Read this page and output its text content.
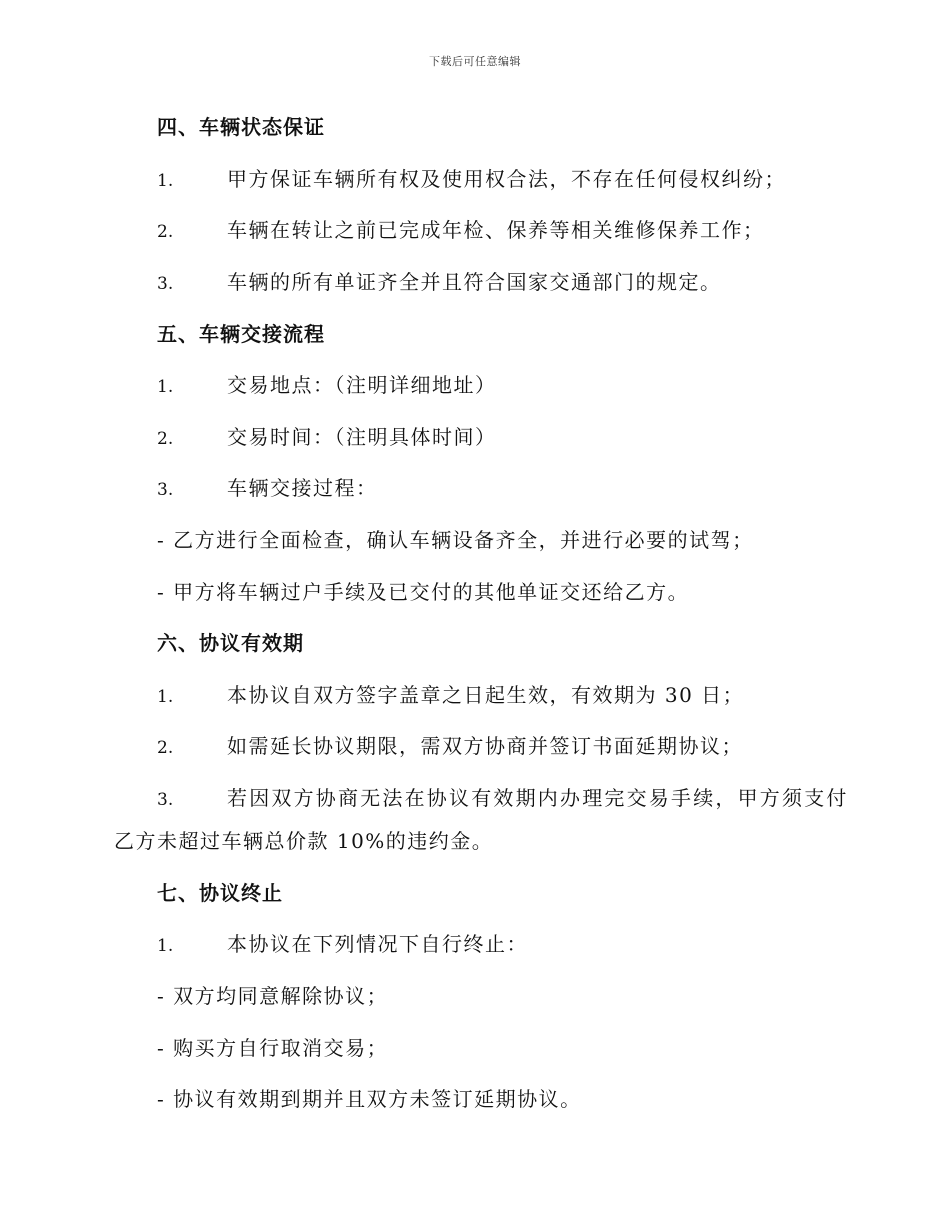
下载后可任意编辑
四、车辆状态保证
1.	甲方保证车辆所有权及使用权合法，不存在任何侵权纠纷；
2.	车辆在转让之前已完成年检、保养等相关维修保养工作；
3.	车辆的所有单证齐全并且符合国家交通部门的规定。
五、车辆交接流程
1.	交易地点：（注明详细地址）
2.	交易时间：（注明具体时间）
3.	车辆交接过程：
- 乙方进行全面检查，确认车辆设备齐全，并进行必要的试驾；
- 甲方将车辆过户手续及已交付的其他单证交还给乙方。
六、协议有效期
1.	本协议自双方签字盖章之日起生效，有效期为 30 日；
2.	如需延长协议期限，需双方协商并签订书面延期协议；
3.	若因双方协商无法在协议有效期内办理完交易手续，甲方须支付
乙方未超过车辆总价款 10%的违约金。
七、协议终止
1.	本协议在下列情况下自行终止：
- 双方均同意解除协议；
- 购买方自行取消交易；
- 协议有效期到期并且双方未签订延期协议。
